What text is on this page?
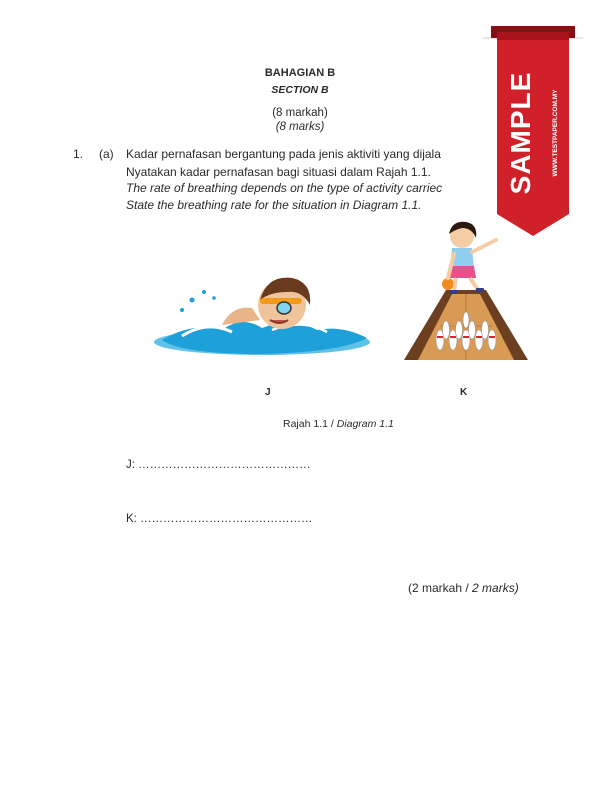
BAHAGIAN B
SECTION B
(8 markah)
(8 marks)
1. (a) Kadar pernafasan bergantung pada jenis aktiviti yang dijala
Nyatakan kadar pernafasan bagi situasi dalam Rajah 1.1.
The rate of breathing depends on the type of activity carriec
State the breathing rate for the situation in Diagram 1.1.
J	K
Rajah 1.1 / Diagram 1.1
J: ………………………………………
K: ………………………………………
(2 markah / 2 marks)
SAMPLE WWW.TESTPAPER.COM.MY
